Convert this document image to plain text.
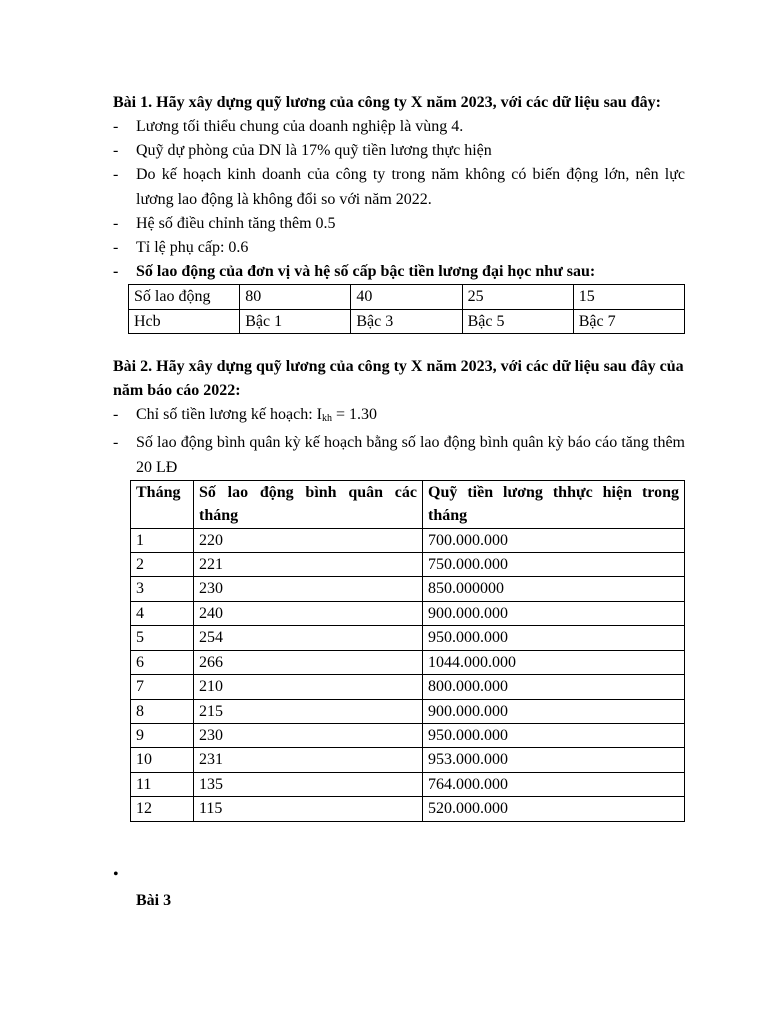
Bài 1. Hãy xây dựng quỹ lương của công ty X năm 2023, với các dữ liệu sau đây:

- Lương tối thiểu chung của doanh nghiệp là vùng 4.
- Quỹ dự phòng của DN là 17% quỹ tiền lương thực hiện
- Do kế hoạch kinh doanh của công ty trong năm không có biến động lớn, nên lực lương lao động là không đổi so với năm 2022.
- Hệ số điều chỉnh tăng thêm 0.5
- Tỉ lệ phụ cấp: 0.6
- Số lao động của đơn vị và hệ số cấp bậc tiền lương đại học như sau:
Số lao động	80	40	25	15
Hcb	Bậc 1	Bậc 3	Bậc 5	Bậc 7

Bài 2. Hãy xây dựng quỹ lương của công ty X năm 2023, với các dữ liệu sau đây của năm báo cáo 2022:

- Chỉ số tiền lương kế hoạch: $I_{kh} = 1.30$
- Số lao động bình quân kỳ kế hoạch bằng số lao động bình quân kỳ báo cáo tăng thêm 20 LĐ
Tháng	Số lao động bình quân các tháng	Quỹ tiền lương thhực hiện trong tháng
1	220	700.000.000
2	221	750.000.000
3	230	850.000000
4	240	900.000.000
5	254	950.000.000
6	266	1044.000.000
7	210	800.000.000
8	215	900.000.000
9	230	950.000.000
10	231	953.000.000
11	135	764.000.000
12	115	520.000.000
•
Bài 3
